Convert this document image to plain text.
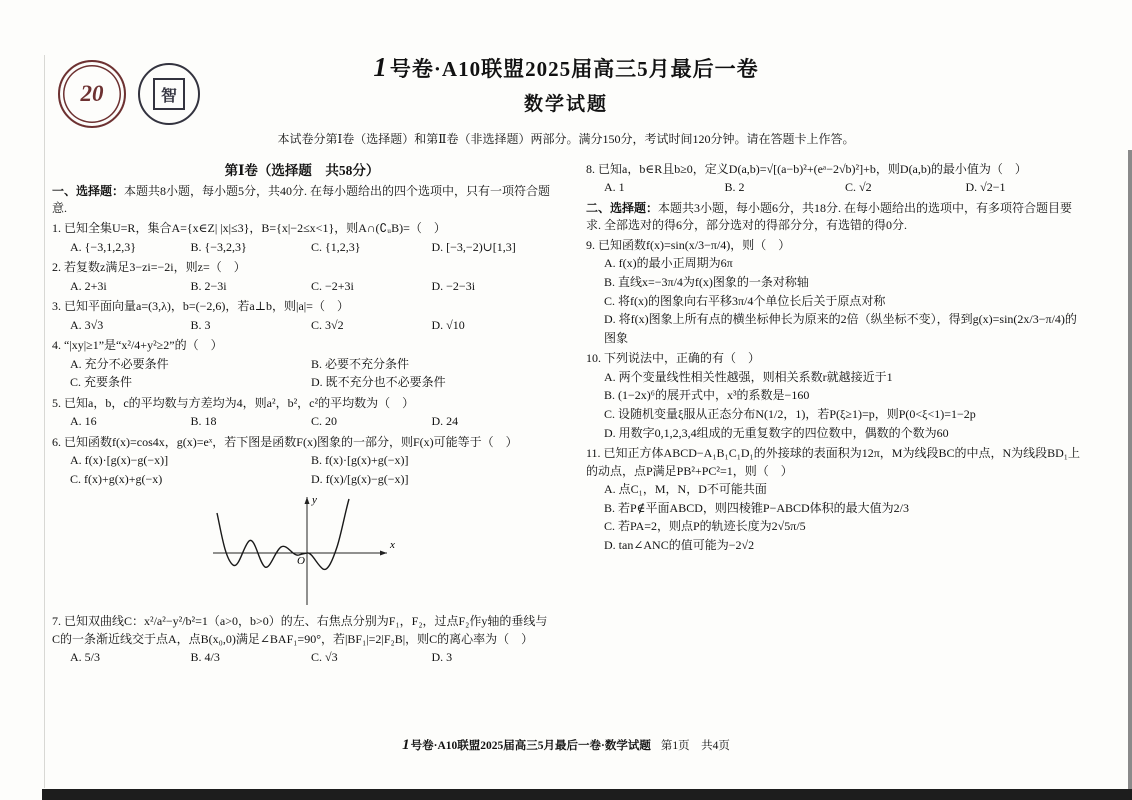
20	智
1号卷·A10联盟2025届高三5月最后一卷
数学试题
本试卷分第Ⅰ卷（选择题）和第Ⅱ卷（非选择题）两部分。满分150分，考试时间120分钟。请在答题卡上作答。
第Ⅰ卷（选择题　共58分）
一、选择题：本题共8小题，每小题5分，共40分. 在每小题给出的四个选项中，只有一项符合题意.
1. 已知全集U=R，集合A={x∈Z| |x|≤3}，B={x|−2≤x<1}，则A∩(∁ᵤB)=（　）
A. {−3,1,2,3}	B. {−3,2,3}	C. {1,2,3}	D. [−3,−2)∪[1,3]
2. 若复数z满足3−zi=−2i，则z=（　）
A. 2+3i	B. 2−3i	C. −2+3i	D. −2−3i
3. 已知平面向量a=(3,λ)，b=(−2,6)，若a⊥b，则|a|=（　）
A. 3√3	B. 3	C. 3√2	D. √10
4. “|xy|≥1”是“x²/4+y²≥2”的（　）
A. 充分不必要条件	B. 必要不充分条件
C. 充要条件	D. 既不充分也不必要条件
5. 已知a，b，c的平均数与方差均为4，则a²，b²，c²的平均数为（　）
A. 16	B. 18	C. 20	D. 24
6. 已知函数f(x)=cos4x，g(x)=eˣ，若下图是函数F(x)图象的一部分，则F(x)可能等于（　）
A. f(x)·[g(x)−g(−x)]	B. f(x)·[g(x)+g(−x)]
C. f(x)+g(x)+g(−x)	D. f(x)/[g(x)−g(−x)]
x
y
O
7. 已知双曲线C：x²/a²−y²/b²=1（a>0，b>0）的左、右焦点分别为F₁，F₂，过点F₂作y轴的垂线与C的一条渐近线交于点A，点B(x₀,0)满足∠BAF₁=90°，若|BF₁|=2|F₂B|，则C的离心率为（　）
A. 5/3	B. 4/3	C. √3	D. 3
8. 已知a，b∈R且b≥0，定义D(a,b)=√[(a−b)²+(eᵃ−2√b)²]+b，则D(a,b)的最小值为（　）
A. 1	B. 2	C. √2	D. √2−1
二、选择题：本题共3小题，每小题6分，共18分. 在每小题给出的选项中，有多项符合题目要求. 全部选对的得6分，部分选对的得部分分，有选错的得0分.
9. 已知函数f(x)=sin(x/3−π/4)，则（　）
A. f(x)的最小正周期为6π
B. 直线x=−3π/4为f(x)图象的一条对称轴
C. 将f(x)的图象向右平移3π/4个单位长后关于原点对称
D. 将f(x)图象上所有点的横坐标伸长为原来的2倍（纵坐标不变），得到g(x)=sin(2x/3−π/4)的图象
10. 下列说法中，正确的有（　）
A. 两个变量线性相关性越强，则相关系数r就越接近于1
B. (1−2x)⁶的展开式中，x³的系数是−160
C. 设随机变量ξ服从正态分布N(1/2，1)，若P(ξ≥1)=p，则P(0<ξ<1)=1−2p
D. 用数字0,1,2,3,4组成的无重复数字的四位数中，偶数的个数为60
11. 已知正方体ABCD−A₁B₁C₁D₁的外接球的表面积为12π，M为线段BC的中点，N为线段BD₁上的动点，点P满足PB²+PC²=1，则（　）
A. 点C₁，M，N，D不可能共面
B. 若P∉平面ABCD，则四棱锥P−ABCD体积的最大值为2/3
C. 若PA=2，则点P的轨迹长度为2√5π/5
D. tan∠ANC的值可能为−2√2
1号卷·A10联盟2025届高三5月最后一卷·数学试题 第1页　共4页
